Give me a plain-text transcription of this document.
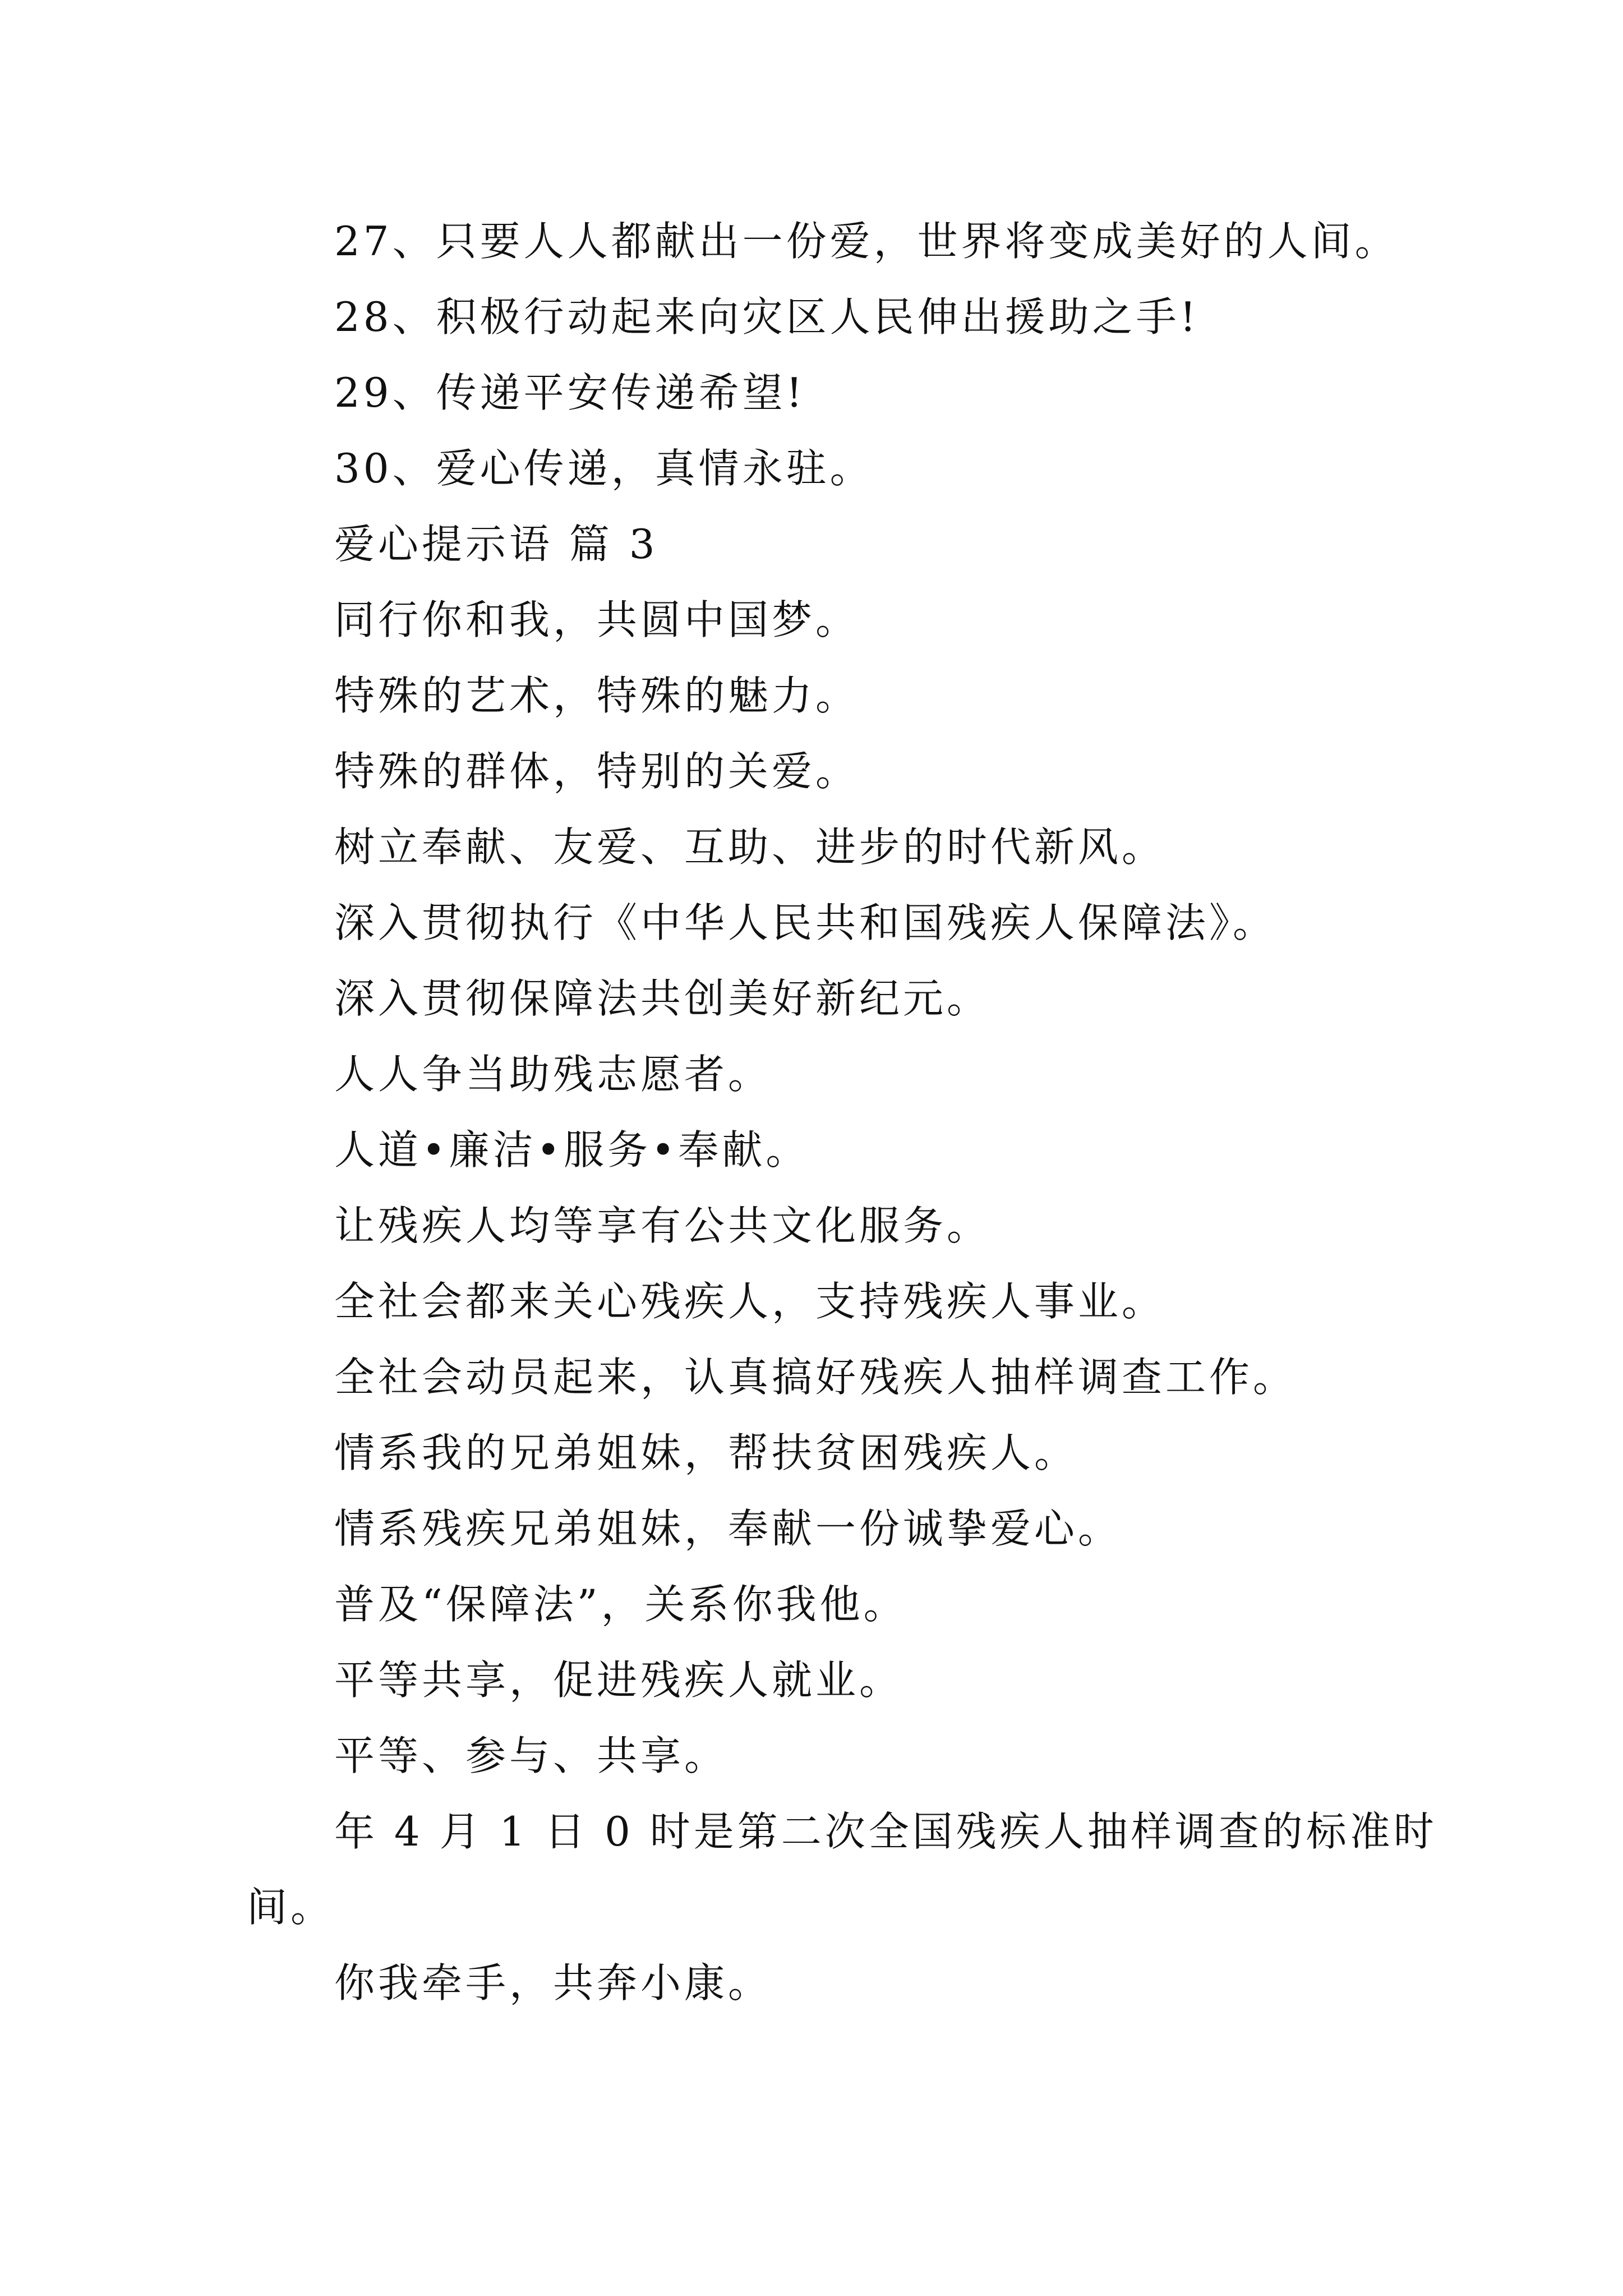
27、只要人人都献出一份爱，世界将变成美好的人间。
28、积极行动起来向灾区人民伸出援助之手!
29、传递平安传递希望!
30、爱心传递，真情永驻。
爱心提示语 篇 3
同行你和我，共圆中国梦。
特殊的艺术，特殊的魅力。
特殊的群体，特别的关爱。
树立奉献、友爱、互助、进步的时代新风。
深入贯彻执行《中华人民共和国残疾人保障法》。
深入贯彻保障法共创美好新纪元。
人人争当助残志愿者。
人道•廉洁•服务•奉献。
让残疾人均等享有公共文化服务。
全社会都来关心残疾人，支持残疾人事业。
全社会动员起来，认真搞好残疾人抽样调查工作。
情系我的兄弟姐妹，帮扶贫困残疾人。
情系残疾兄弟姐妹，奉献一份诚挚爱心。
普及“保障法”，关系你我他。
平等共享，促进残疾人就业。
平等、参与、共享。
年 4 月 1 日 0 时是第二次全国残疾人抽样调查的标准时
间。
你我牵手，共奔小康。
